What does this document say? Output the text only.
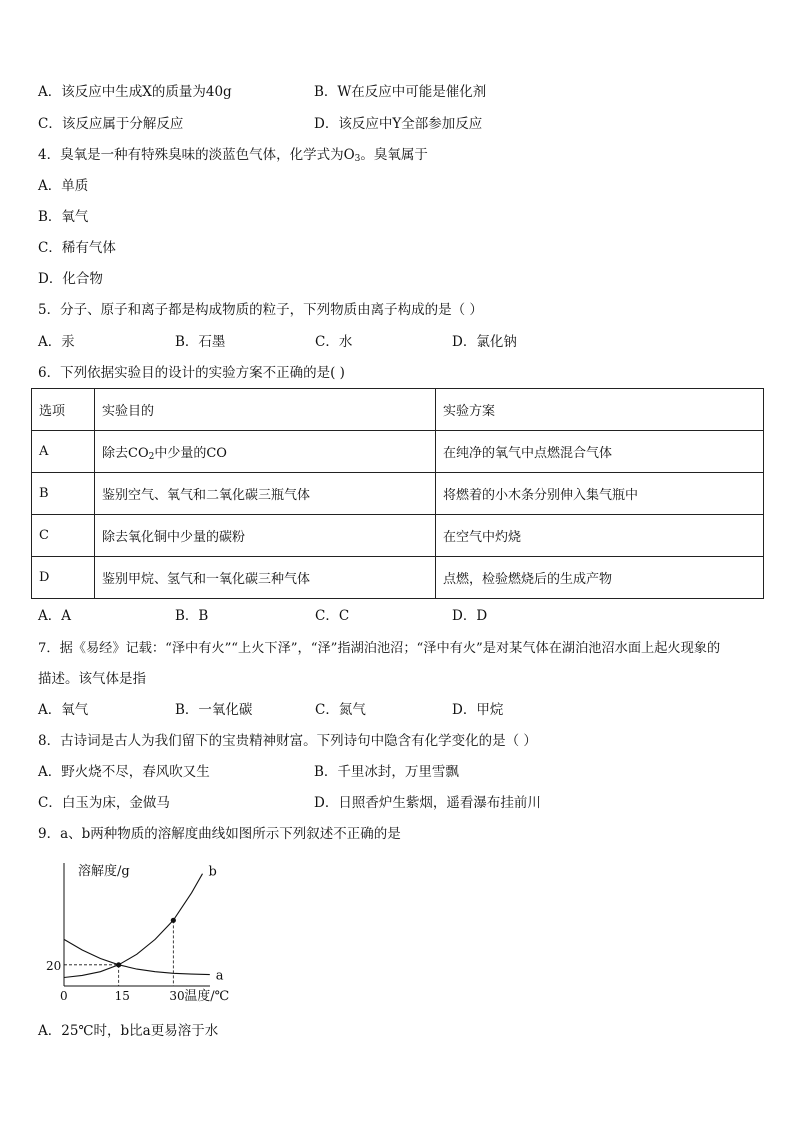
A．该反应中生成X的质量为40g	B．W在反应中可能是催化剂
C．该反应属于分解反应	D．该反应中Y全部参加反应
4．臭氧是一种有特殊臭味的淡蓝色气体，化学式为$O_3$。臭氧属于
A．单质
B．氧气
C．稀有气体
D．化合物
5．分子、原子和离子都是构成物质的粒子，下列物质由离子构成的是（ ）
A．汞	B．石墨	C．水	D．氯化钠
6．下列依据实验目的设计的实验方案不正确的是( )
选项	实验目的	实验方案
A	除去$CO_2$中少量的CO	在纯净的氧气中点燃混合气体
B	鉴别空气、氧气和二氧化碳三瓶气体	将燃着的小木条分别伸入集气瓶中
C	除去氧化铜中少量的碳粉	在空气中灼烧
D	鉴别甲烷、氢气和一氧化碳三种气体	点燃，检验燃烧后的生成产物
A．A	B．B	C．C	D．D
7．据《易经》记载：“泽中有火”“上火下泽”，“泽”指湖泊池沼；“泽中有火”是对某气体在湖泊池沼水面上起火现象的
描述。该气体是指
A．氧气	B．一氧化碳	C．氮气	D．甲烷
8．古诗词是古人为我们留下的宝贵精神财富。下列诗句中隐含有化学变化的是（ ）
A．野火烧不尽，春风吹又生	B．千里冰封，万里雪飘
C．白玉为床，金做马	D．日照香炉生紫烟，遥看瀑布挂前川
9．a、b两种物质的溶解度曲线如图所示下列叙述不正确的是
溶解度/g
温度/℃
0	15	30
20
a
b
A．25℃时，b比a更易溶于水
